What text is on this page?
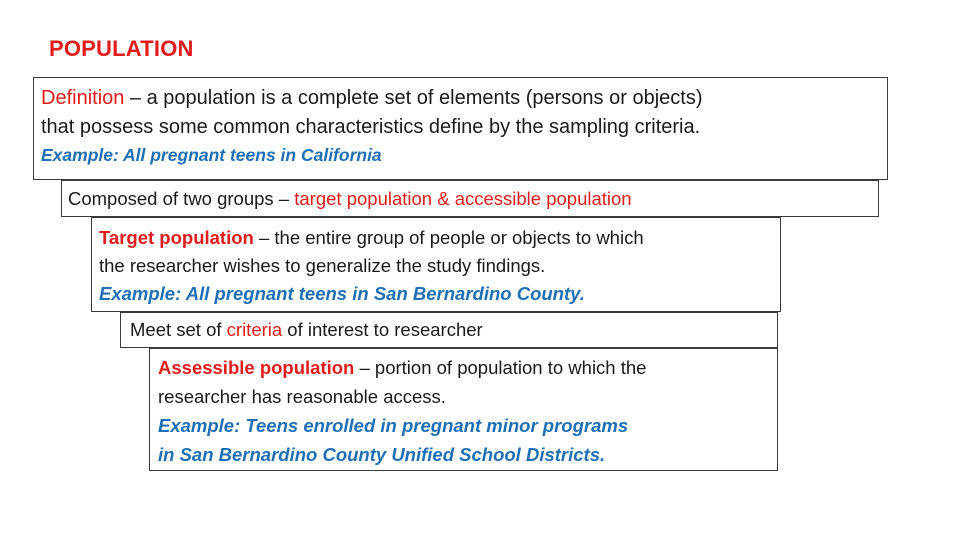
POPULATION
Definition – a population is a complete set of elements (persons or objects)
that possess some common characteristics define by the sampling criteria.
Example: All pregnant teens in California
Composed of two groups – target population & accessible population
Target population – the entire group of people or objects to which
the researcher wishes to generalize the study findings.
Example: All pregnant teens in San Bernardino County.
Meet set of criteria of interest to researcher
Assessible population – portion of population to which the
researcher has reasonable access.
Example: Teens enrolled in pregnant minor programs
in San Bernardino County Unified School Districts.
